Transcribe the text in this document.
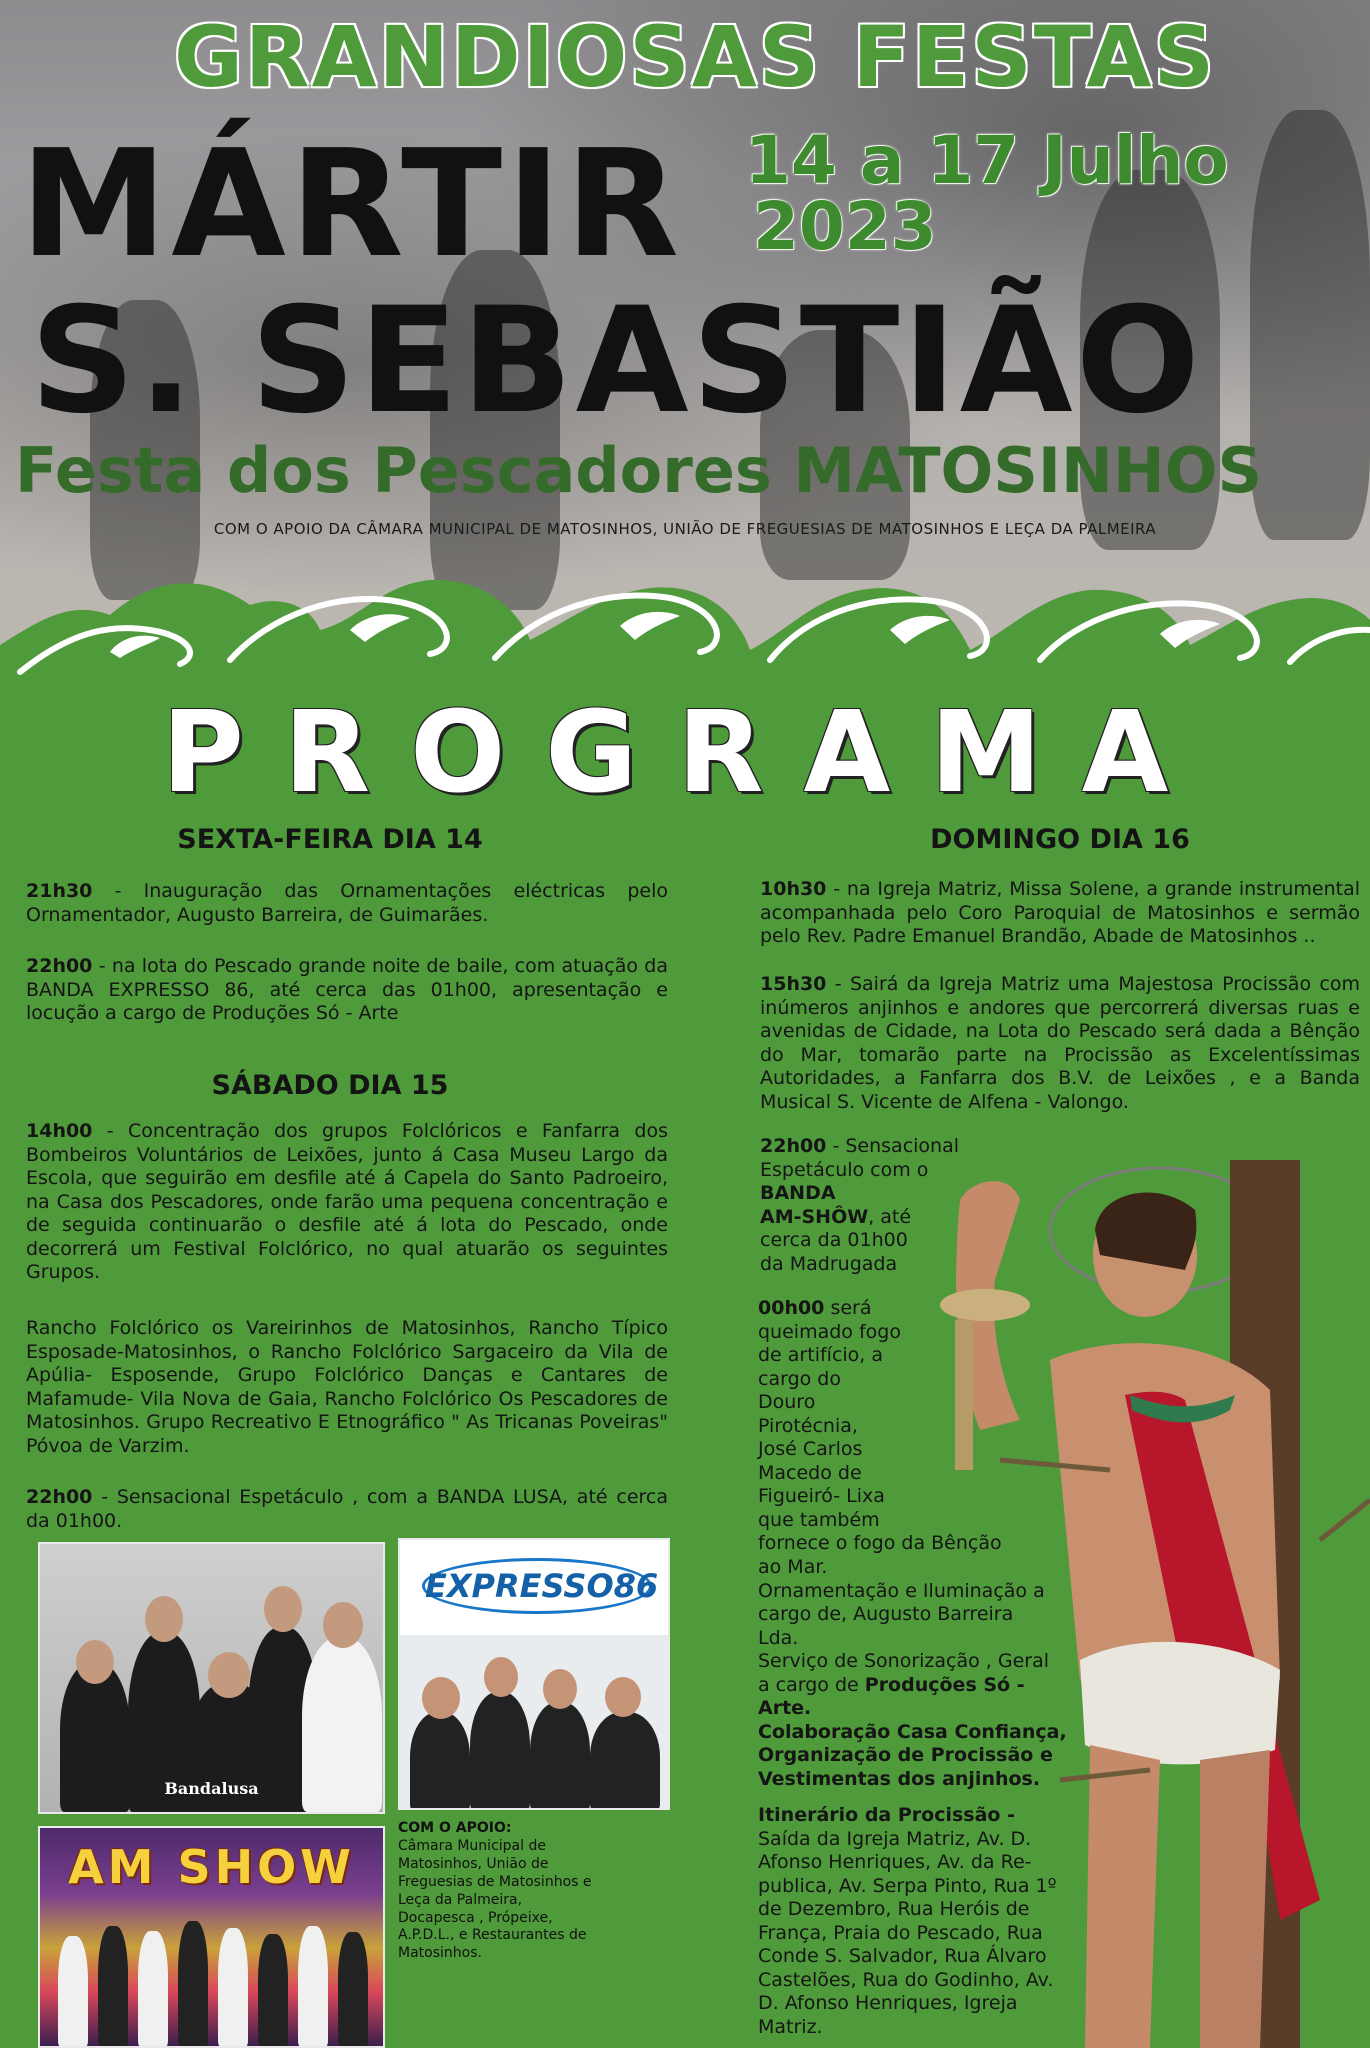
GRANDIOSAS FESTAS
MÁRTIR 14 a 17 Julho
2023
S. SEBASTIÃO
Festa dos Pescadores MATOSINHOS
COM O APOIO DA CÂMARA MUNICIPAL DE MATOSINHOS, UNIÃO DE FREGUESIAS DE MATOSINHOS E LEÇA DA PALMEIRA
PROGRAMA
SEXTA-FEIRA DIA 14
21h30 - Inauguração das Ornamentações eléctricas pelo Ornamentador, Augusto Barreira, de Guimarães.
22h00 - na lota do Pescado grande noite de baile, com atuação da BANDA EXPRESSO 86, até cerca das 01h00, apresentação e locução a cargo de Produções Só - Arte
SÁBADO DIA 15
14h00 - Concentração dos grupos Folclóricos e Fanfarra dos Bombeiros Voluntários de Leixões, junto á Casa Museu Largo da Escola, que seguirão em desfile até á Capela do Santo Padroeiro, na Casa dos Pescadores, onde farão uma pequena concentração e de seguida continuarão o desfile até á lota do Pescado, onde decorrerá um Festival Folclórico, no qual atuarão os seguintes Grupos.
Rancho Folclórico os Vareirinhos de Matosinhos, Rancho Típico Esposade-Matosinhos, o Rancho Folclórico Sargaceiro da Vila de Apúlia- Esposende, Grupo Folclórico Danças e Cantares de Mafamude- Vila Nova de Gaia, Rancho Folclórico Os Pescadores de Matosinhos. Grupo Recreativo E Etnográfico " As Tricanas Poveiras" Póvoa de Varzim.
22h00 - Sensacional Espetáculo , com a BANDA LUSA, até cerca da 01h00.
Bandalusa
EXPRESSO86
AM SHOW
COM O APOIO:
Câmara Municipal de
Matosinhos, União de
Freguesias de Matosinhos e
Leça da Palmeira,
Docapesca , Própeixe,
A.P.D.L., e Restaurantes de
Matosinhos.
DOMINGO DIA 16
10h30 - na Igreja Matriz, Missa Solene, a grande instrumental acompanhada pelo Coro Paroquial de Matosinhos e sermão pelo Rev. Padre Emanuel Brandão, Abade de Matosinhos ..
15h30 - Sairá da Igreja Matriz uma Majestosa Procissão com inúmeros anjinhos e andores que percorrerá diversas ruas e avenidas de Cidade, na Lota do Pescado será dada a Bênção do Mar, tomarão parte na Procissão as Excelentíssimas Autoridades, a Fanfarra dos B.V. de Leixões , e a Banda Musical S. Vicente de Alfena - Valongo.
22h00 - Sensacional
Espetáculo com o
BANDA
AM-SHÔW, até
cerca da 01h00
da Madrugada
00h00 será
queimado fogo
de artifício, a
cargo do
Douro
Pirotécnia,
José Carlos
Macedo de
Figueiró- Lixa
que também
fornece o fogo da Bênção
ao Mar.
Ornamentação e Iluminação a
cargo de, Augusto Barreira
Lda.
Serviço de Sonorização , Geral
a cargo de Produções Só -
Arte.
Colaboração Casa Confiança,
Organização de Procissão e
Vestimentas dos anjinhos.
Itinerário da Procissão -
Saída da Igreja Matriz, Av. D.
Afonso Henriques, Av. da Re-
publica, Av. Serpa Pinto, Rua 1º
de Dezembro, Rua Heróis de
França, Praia do Pescado, Rua
Conde S. Salvador, Rua Álvaro
Castelões, Rua do Godinho, Av.
D. Afonso Henriques, Igreja
Matriz.
